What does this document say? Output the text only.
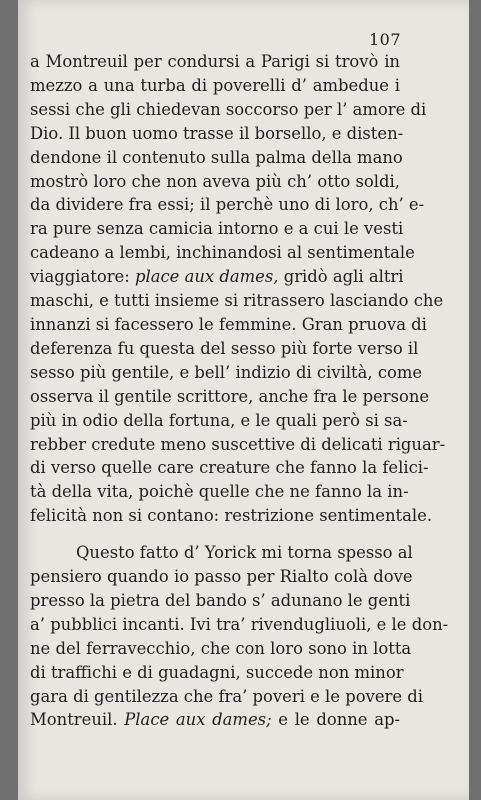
107
a Montreuil per condursi a Parigi si trovò in
mezzo a una turba di poverelli d’ ambedue i
sessi che gli chiedevan soccorso per l’ amore di
Dio. Il buon uomo trasse il borsello, e disten-
dendone il contenuto sulla palma della mano
mostrò loro che non aveva più ch’ otto soldi,
da dividere fra essi; il perchè uno di loro, ch’ e-
ra pure senza camicia intorno e a cui le vesti
cadeano a lembi, inchinandosi al sentimentale
viaggiatore: place aux dames, gridò agli altri
maschi, e tutti insieme si ritrassero lasciando che
innanzi si facessero le femmine. Gran pruova di
deferenza fu questa del sesso più forte verso il
sesso più gentile, e bell’ indizio di civiltà, come
osserva il gentile scrittore, anche fra le persone
più in odio della fortuna, e le quali però si sa-
rebber credute meno suscettive di delicati riguar-
di verso quelle care creature che fanno la felici-
tà della vita, poichè quelle che ne fanno la in-
felicità non si contano: restrizione sentimentale.
Questo fatto d’ Yorick mi torna spesso al
pensiero quando io passo per Rialto colà dove
presso la pietra del bando s’ adunano le genti
a’ pubblici incanti. Ivi tra’ rivendugliuoli, e le don-
ne del ferravecchio, che con loro sono in lotta
di traffichi e di guadagni, succede non minor
gara di gentilezza che fra’ poveri e le povere di
Montreuil. Place aux dames; e le donne ap-
